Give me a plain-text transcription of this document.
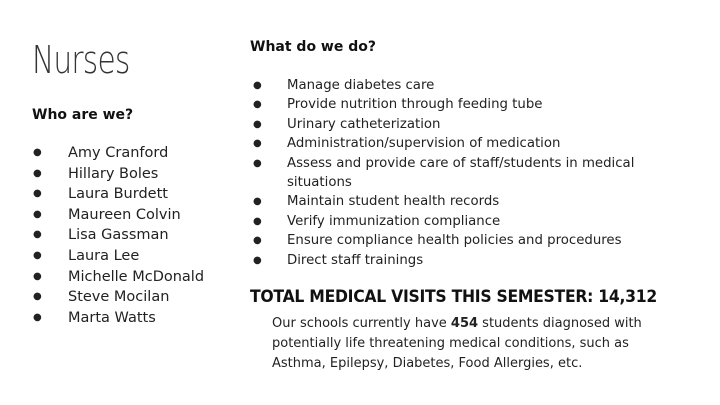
Nurses
Who are we?
● Amy Cranford
● Hillary Boles
● Laura Burdett
● Maureen Colvin
● Lisa Gassman
● Laura Lee
● Michelle McDonald
● Steve Mocilan
● Marta Watts
What do we do?
● Manage diabetes care
● Provide nutrition through feeding tube
● Urinary catheterization
● Administration/supervision of medication
● Assess and provide care of staff/students in medical situations
● Maintain student health records
● Verify immunization compliance
● Ensure compliance health policies and procedures
● Direct staff trainings
TOTAL MEDICAL VISITS THIS SEMESTER: 14,312
Our schools currently have 454 students diagnosed with potentially life threatening medical conditions, such as Asthma, Epilepsy, Diabetes, Food Allergies, etc.
